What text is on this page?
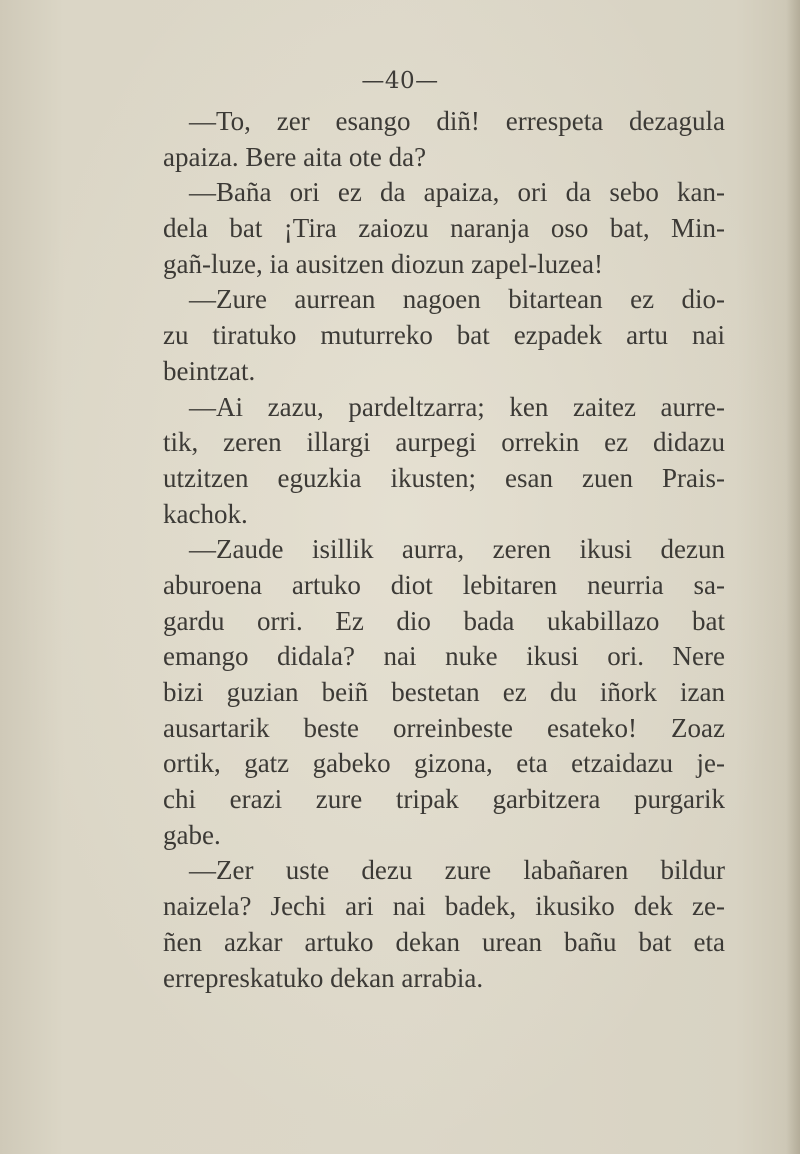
—40—
—To, zer esango diñ! errespeta dezagula
apaiza. Bere aita ote da?
—Baña ori ez da apaiza, ori da sebo kan-
dela bat ¡Tira zaiozu naranja oso bat, Min-
gañ-luze, ia ausitzen diozun zapel-luzea!
—Zure aurrean nagoen bitartean ez dio-
zu tiratuko muturreko bat ezpadek artu nai
beintzat.
—Ai zazu, pardeltzarra; ken zaitez aurre-
tik, zeren illargi aurpegi orrekin ez didazu
utzitzen eguzkia ikusten; esan zuen Prais-
kachok.
—Zaude isillik aurra, zeren ikusi dezun
aburoena artuko diot lebitaren neurria sa-
gardu orri. Ez dio bada ukabillazo bat
emango didala? nai nuke ikusi ori. Nere
bizi guzian beiñ bestetan ez du iñork izan
ausartarik beste orreinbeste esateko! Zoaz
ortik, gatz gabeko gizona, eta etzaidazu je-
chi erazi zure tripak garbitzera purgarik
gabe.
—Zer uste dezu zure labañaren bildur
naizela? Jechi ari nai badek, ikusiko dek ze-
ñen azkar artuko dekan urean bañu bat eta
errepreskatuko dekan arrabia.
